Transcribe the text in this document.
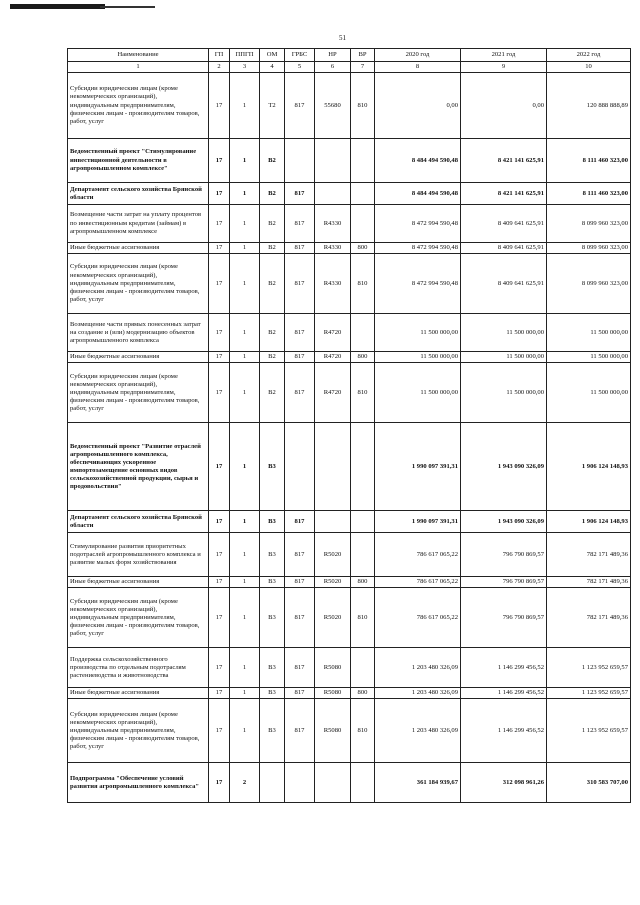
51
Наименование	ГП	ППГП	ОМ	ГРБС	НР	ВР	2020 год	2021 год	2022 год
1	2	3	4	5	6	7	8	9	10
Субсидии юридическим лицам (кроме некоммерческих организаций), индивидуальным предпринимателям, физическим лицам - производителям товаров, работ, услуг	17	1	Т2	817	55680	810	0,00	0,00	120 888 888,89
Ведомственный проект "Стимулирование инвестиционной деятельности в агропромышленном комплексе"	17	1	В2				8 484 494 590,48	8 421 141 625,91	8 111 460 323,00
Департамент сельского хозяйства Брянской области	17	1	В2	817			8 484 494 590,48	8 421 141 625,91	8 111 460 323,00
Возмещение части затрат на уплату процентов по инвестиционным кредитам (займам) в агропромышленном комплексе	17	1	В2	817	R4330		8 472 994 590,48	8 409 641 625,91	8 099 960 323,00
Иные бюджетные ассигнования	17	1	В2	817	R4330	800	8 472 994 590,48	8 409 641 625,91	8 099 960 323,00
Субсидии юридическим лицам (кроме некоммерческих организаций), индивидуальным предпринимателям, физическим лицам - производителям товаров, работ, услуг	17	1	В2	817	R4330	810	8 472 994 590,48	8 409 641 625,91	8 099 960 323,00
Возмещение части прямых понесенных затрат на создание и (или) модернизацию объектов агропромышленного комплекса	17	1	В2	817	R4720		11 500 000,00	11 500 000,00	11 500 000,00
Иные бюджетные ассигнования	17	1	В2	817	R4720	800	11 500 000,00	11 500 000,00	11 500 000,00
Субсидии юридическим лицам (кроме некоммерческих организаций), индивидуальным предпринимателям, физическим лицам - производителям товаров, работ, услуг	17	1	В2	817	R4720	810	11 500 000,00	11 500 000,00	11 500 000,00
Ведомственный проект "Развитие отраслей агропромышленного комплекса, обеспечивающих ускоренное импортозамещение основных видов сельскохозяйственной продукции, сырья и продовольствия"	17	1	В3				1 990 097 391,31	1 943 090 326,09	1 906 124 148,93
Департамент сельского хозяйства Брянской области	17	1	В3	817			1 990 097 391,31	1 943 090 326,09	1 906 124 148,93
Стимулирование развития приоритетных подотраслей агропромышленного комплекса и развитие малых форм хозяйствования	17	1	В3	817	R5020		786 617 065,22	796 790 869,57	782 171 489,36
Иные бюджетные ассигнования	17	1	В3	817	R5020	800	786 617 065,22	796 790 869,57	782 171 489,36
Субсидии юридическим лицам (кроме некоммерческих организаций), индивидуальным предпринимателям, физическим лицам - производителям товаров, работ, услуг	17	1	В3	817	R5020	810	786 617 065,22	796 790 869,57	782 171 489,36
Поддержка сельскохозяйственного производства по отдельным подотраслям растениеводства и животноводства	17	1	В3	817	R5080		1 203 480 326,09	1 146 299 456,52	1 123 952 659,57
Иные бюджетные ассигнования	17	1	В3	817	R5080	800	1 203 480 326,09	1 146 299 456,52	1 123 952 659,57
Субсидии юридическим лицам (кроме некоммерческих организаций), индивидуальным предпринимателям, физическим лицам - производителям товаров, работ, услуг	17	1	В3	817	R5080	810	1 203 480 326,09	1 146 299 456,52	1 123 952 659,57
Подпрограмма "Обеспечение условий развития агропромышленного комплекса"	17	2					361 184 939,67	312 098 961,26	310 583 707,00
